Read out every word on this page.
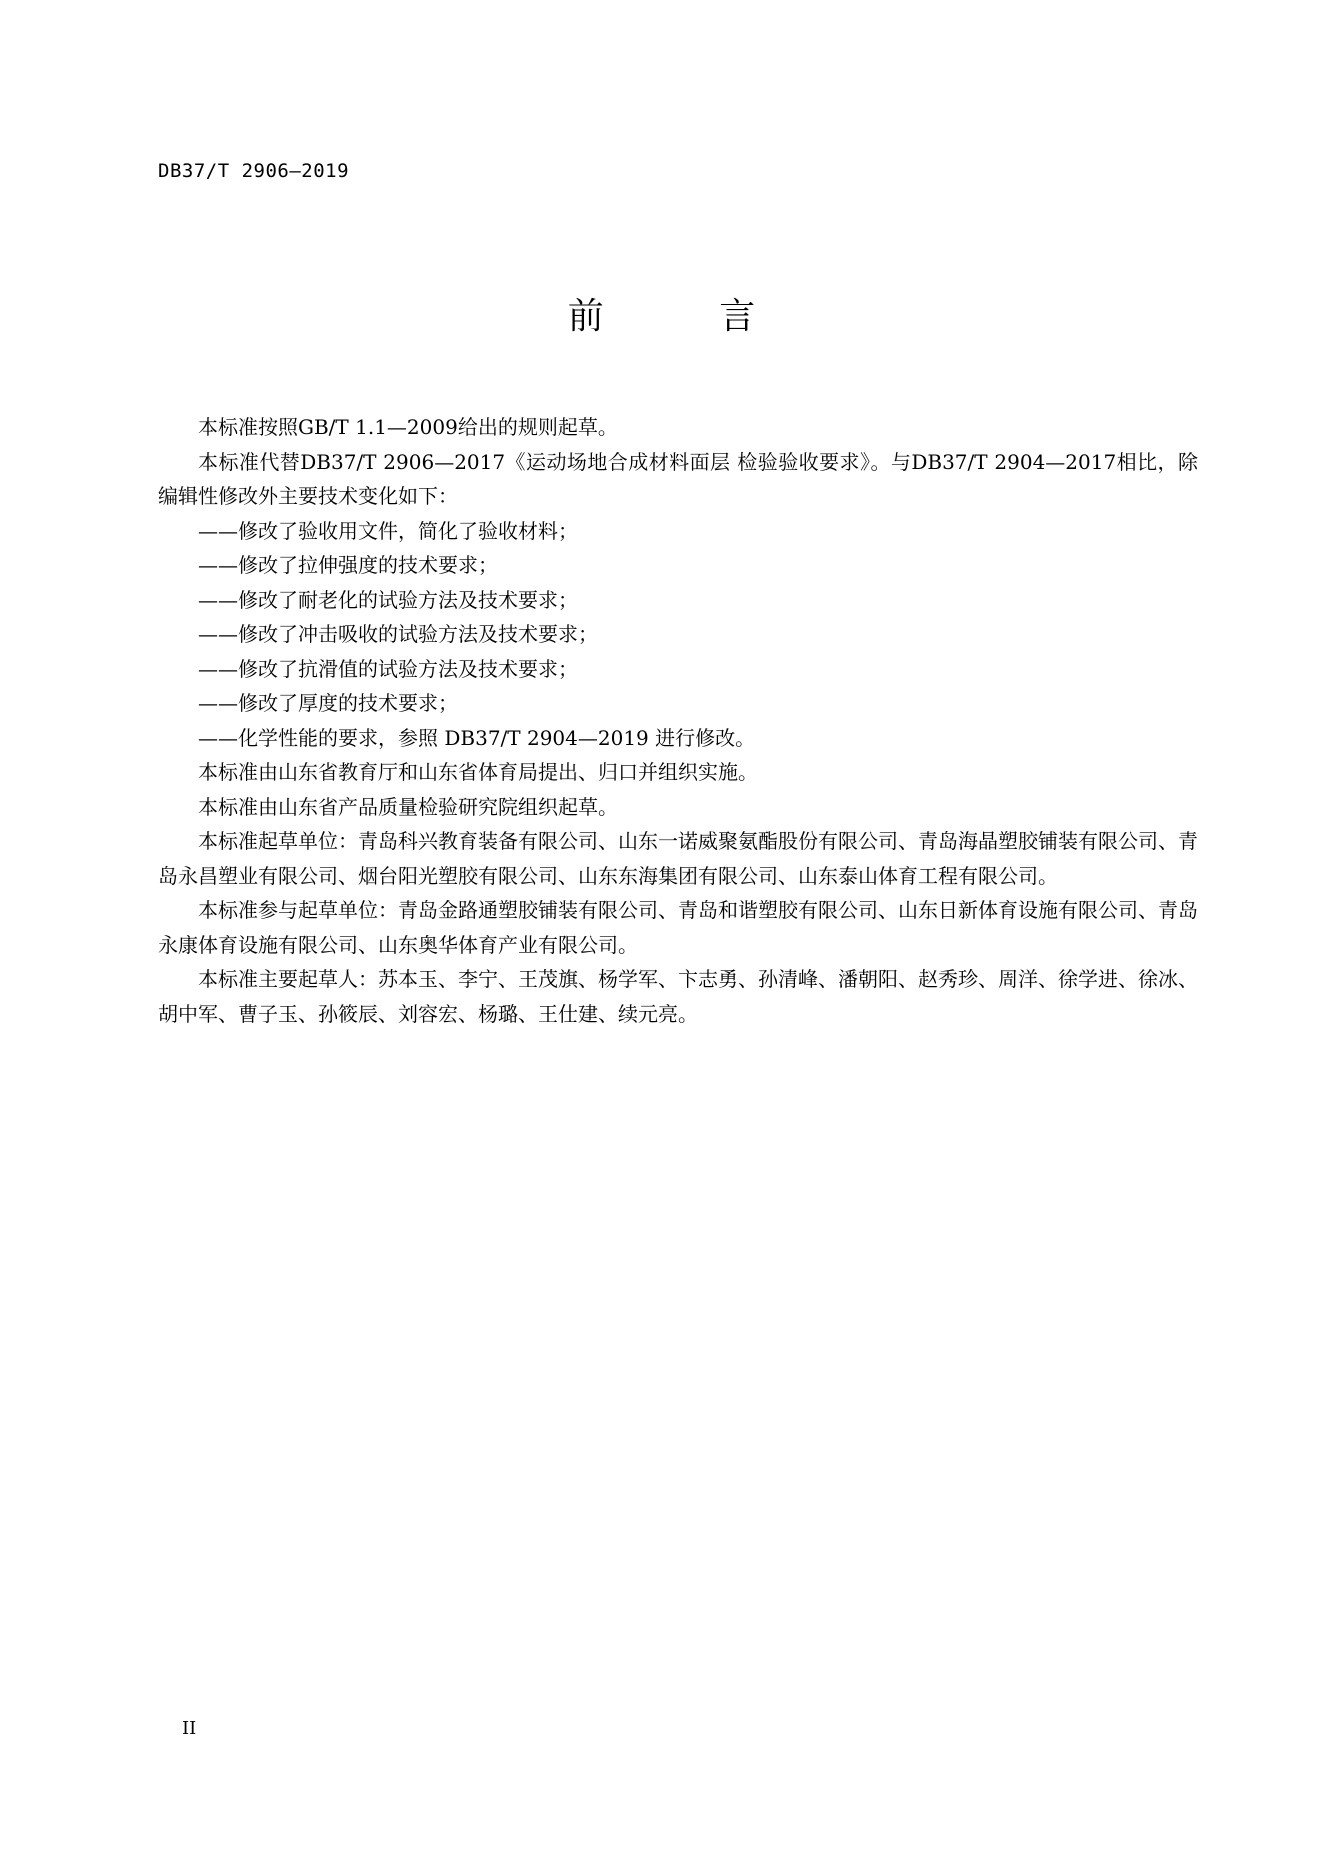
DB37/T 2906—2019
前 言

本标准按照GB/T 1.1—2009给出的规则起草。

本标准代替DB37/T 2906—2017《运动场地合成材料面层 检验验收要求》。与DB37/T 2904—2017相比，除编辑性修改外主要技术变化如下：

——修改了验收用文件，简化了验收材料；

——修改了拉伸强度的技术要求；

——修改了耐老化的试验方法及技术要求；

——修改了冲击吸收的试验方法及技术要求；

——修改了抗滑值的试验方法及技术要求；

——修改了厚度的技术要求；

——化学性能的要求，参照 DB37/T 2904—2019 进行修改。

本标准由山东省教育厅和山东省体育局提出、归口并组织实施。

本标准由山东省产品质量检验研究院组织起草。

本标准起草单位：青岛科兴教育装备有限公司、山东一诺威聚氨酯股份有限公司、青岛海晶塑胶铺装有限公司、青岛永昌塑业有限公司、烟台阳光塑胶有限公司、山东东海集团有限公司、山东泰山体育工程有限公司。

本标准参与起草单位：青岛金路通塑胶铺装有限公司、青岛和谐塑胶有限公司、山东日新体育设施有限公司、青岛永康体育设施有限公司、山东奥华体育产业有限公司。

本标准主要起草人：苏本玉、李宁、王茂旗、杨学军、卞志勇、孙清峰、潘朝阳、赵秀珍、周洋、徐学进、徐冰、胡中军、曹子玉、孙筱辰、刘容宏、杨璐、王仕建、续元亮。

II
